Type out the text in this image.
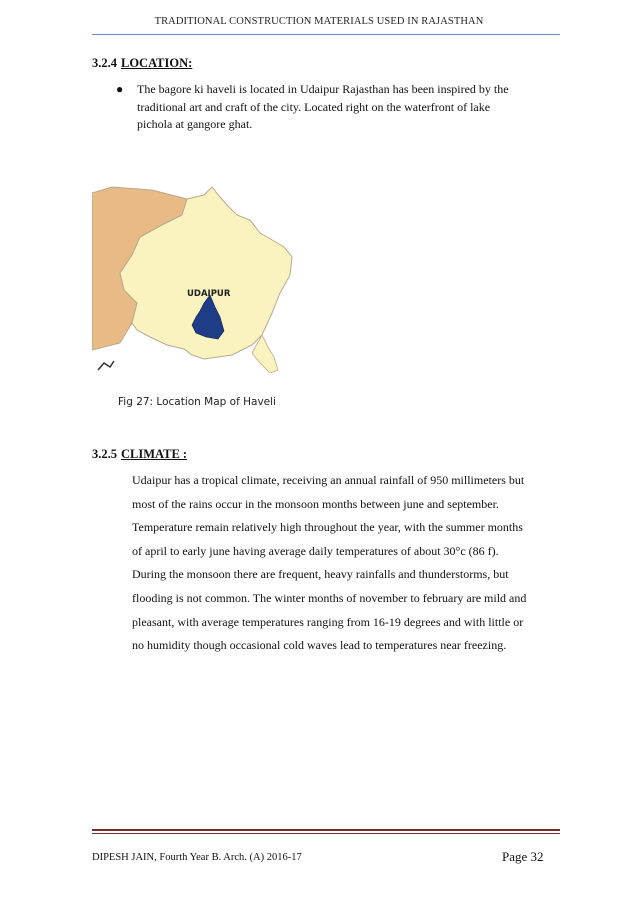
TRADITIONAL CONSTRUCTION MATERIALS USED IN RAJASTHAN
3.2.4 LOCATION:
● The bagore ki haveli is located in Udaipur Rajasthan has been inspired by the
traditional art and craft of the city. Located right on the waterfront of lake
pichola at gangore ghat.
UDAIPUR
Fig 27: Location Map of Haveli
3.2.5 CLIMATE :
Udaipur has a tropical climate, receiving an annual rainfall of 950 millimeters but
most of the rains occur in the monsoon months between june and september.
Temperature remain relatively high throughout the year, with the summer months
of april to early june having average daily temperatures of about 30°c (86 f).
During the monsoon there are frequent, heavy rainfalls and thunderstorms, but
flooding is not common. The winter months of november to february are mild and
pleasant, with average temperatures ranging from 16-19 degrees and with little or
no humidity though occasional cold waves lead to temperatures near freezing.
DIPESH JAIN, Fourth Year B. Arch. (A) 2016-17	Page 32
